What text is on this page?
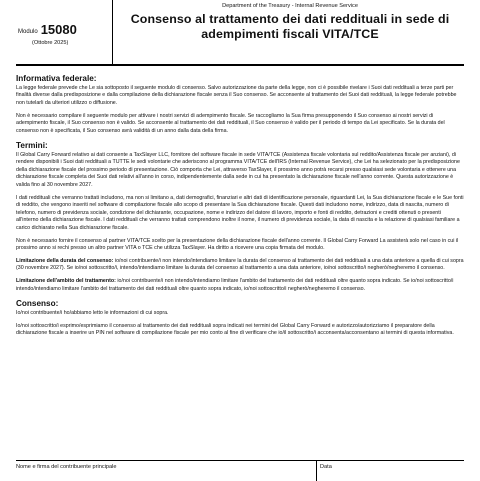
Modulo 15080
(Ottobre 2025)
Department of the Treasury - Internal Revenue Service
Consenso al trattamento dei dati reddituali in sede di
adempimenti fiscali VITA/TCE
Informativa federale:

La legge federale prevede che Le sia sottoposto il seguente modulo di consenso. Salvo autorizzazione da parte della legge, non ci è possibile rivelare i Suoi dati reddituali a terze parti per finalità diverse dalla predisposizione e dalla compilazione della dichiarazione fiscale senza il Suo consenso. Se acconsente al trattamento dei Suoi dati reddituali, la legge federale potrebbe non tutelarli da ulteriori utilizzo o diffusione.

Non è necessario compilare il seguente modulo per attivare i nostri servizi di adempimento fiscale. Se raccogliamo la Sua firma presupponendo il Suo consenso ai nostri servizi di adempimento fiscale, il Suo consenso non è valido. Se acconsente al trattamento dei dati reddituali, il Suo consenso è valido per il periodo di tempo da Lei specificato. Se la durata del consenso non è specificata, il Suo consenso avrà validità di un anno dalla data della firma.

Termini:

Il Global Carry Forward relativo ai dati consente a TaxSlayer LLC, fornitore del software fiscale in sede VITA/TCE (Assistenza fiscale volontaria sul reddito/Assistenza fiscale per anziani), di rendere disponibili i Suoi dati reddituali a TUTTE le sedi volontarie che aderiscono al programma VITA/TCE dell'IRS (Internal Revenue Service), che Lei ha selezionato per la predisposizione della dichiarazione fiscale del prossimo periodo di presentazione. Ciò comporta che Lei, attraverso TaxSlayer, il prossimo anno potrà recarsi presso qualsiasi sede volontaria e ottenere una dichiarazione fiscale completa dei Suoi dati relativi all'anno in corso, indipendentemente dalla sede in cui ha presentato la dichiarazione fiscale nell'anno corrente. Questa autorizzazione è valida fino al 30 novembre 2027.

I dati reddituali che verranno trattati includono, ma non si limitano a, dati demografici, finanziari e altri dati di identificazione personale, riguardanti Lei, la Sua dichiarazione fiscale e le Sue fonti di reddito, che vengono inseriti nel software di compilazione fiscale allo scopo di presentare la Sua dichiarazione fiscale. Questi dati includono nome, indirizzo, data di nascita, numero di telefono, numero di previdenza sociale, condizione del dichiarante, occupazione, nome e indirizzo del datore di lavoro, importo e fonti di reddito, detrazioni e crediti ottenuti o presenti all'interno della dichiarazione fiscale. I dati reddituali che verranno trattati comprendono inoltre il nome, il numero di previdenza sociale, la data di nascita e la relazione di qualsiasi familiare a carico dichiarato nella Sua dichiarazione fiscale.

Non è necessario fornire il consenso al partner VITA/TCE scelto per la presentazione della dichiarazione fiscale dell'anno corrente. Il Global Carry Forward La assisterà solo nel caso in cui il prossimo anno si rechi presso un altro partner VITA o TCE che utilizza TaxSlayer. Ha diritto a ricevere una copia firmata del modulo.

Limitazione della durata del consenso: io/noi contribuente/i non intendo/intendiamo limitare la durata del consenso al trattamento dei dati reddituali a una data anteriore a quella di cui sopra (30 novembre 2027). Se io/noi sottoscritto/i, intendo/intendiamo limitare la durata del consenso al trattamento a una data anteriore, io/noi sottoscritto/i negherò/negheremo il consenso.

Limitazione dell'ambito del trattamento: io/noi contribuente/i non intendo/intendiamo limitare l'ambito del trattamento dei dati reddituali oltre quanto sopra indicato. Se io/noi sottoscritto/i intendo/intendiamo limitare l'ambito del trattamento dei dati reddituali oltre quanto sopra indicato, io/noi sottoscritto/i negherò/negheremo il consenso.

Consenso:

Io/noi contribuente/i ho/abbiamo letto le informazioni di cui sopra.

Io/noi sottoscritto/i esprimo/esprimiamo il consenso al trattamento dei dati reddituali sopra indicati nei termini del Global Carry Forward e autorizzo/autorizziamo il preparatore della dichiarazione fiscale a inserire un PIN nel software di compilazione fiscale per mio conto al fine di verificare che io/il sottoscritto/i acconsenta/acconsentano ai termini di questa informativa.

Nome e firma del contribuente principale	Data
